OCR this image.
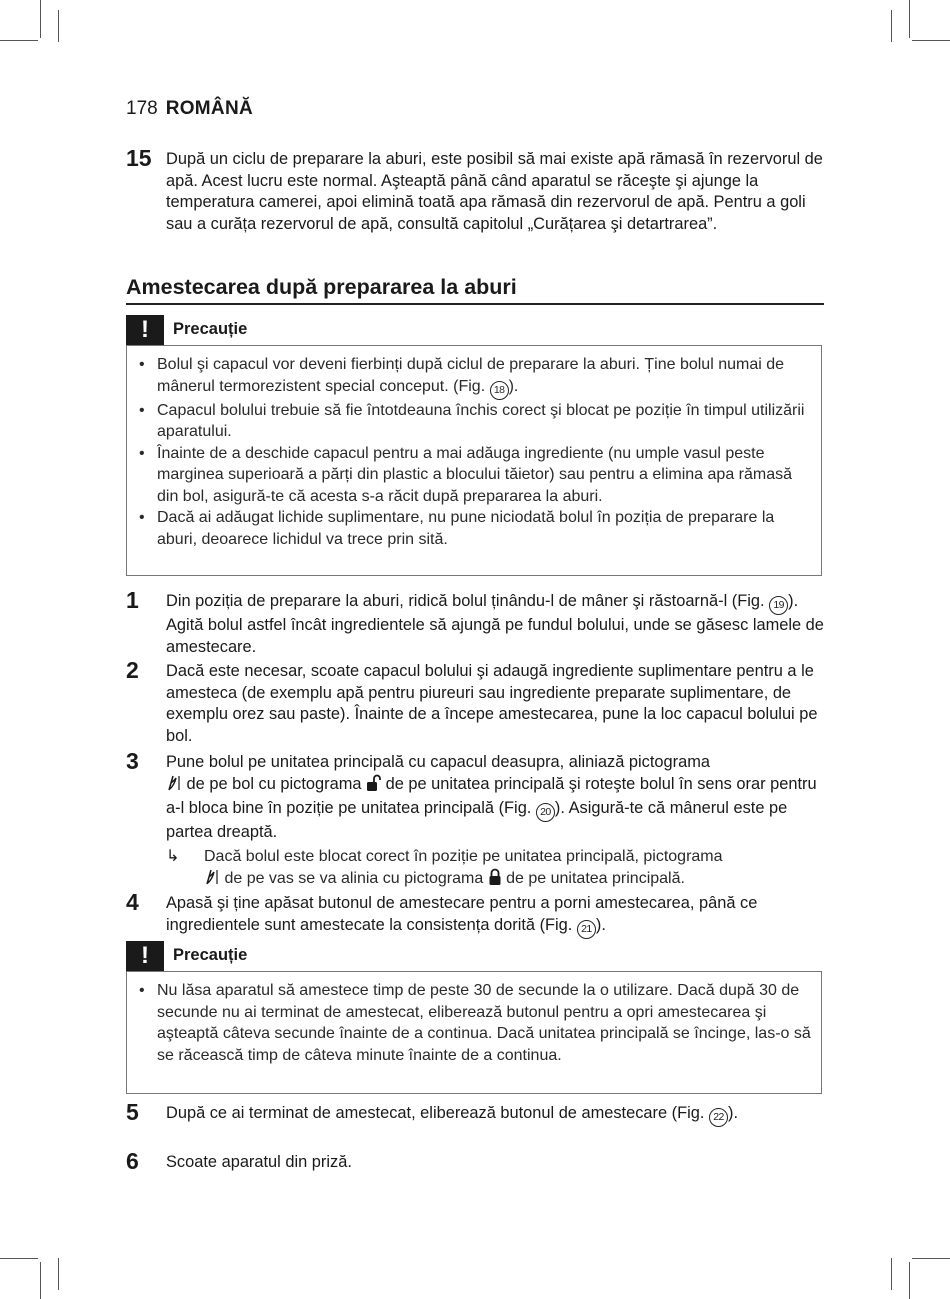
178 ROMÂNĂ
15 După un ciclu de preparare la aburi, este posibil să mai existe apă rămasă în rezervorul de apă. Acest lucru este normal. Aşteaptă până când aparatul se răceşte şi ajunge la temperatura camerei, apoi elimină toată apa rămasă din rezervorul de apă. Pentru a goli sau a curăța rezervorul de apă, consultă capitolul „Curățarea şi detartrarea”.
Amestecarea după prepararea la aburi
!	Precauție
• Bolul şi capacul vor deveni fierbinți după ciclul de preparare la aburi. Ține bolul numai de mânerul termorezistent special conceput. (Fig. 18 ).
• Capacul bolului trebuie să fie întotdeauna închis corect şi blocat pe poziție în timpul utilizării aparatului.
• Înainte de a deschide capacul pentru a mai adăuga ingrediente (nu umple vasul peste marginea superioară a părți din plastic a blocului tăietor) sau pentru a elimina apa rămasă din bol, asigură-te că acesta s-a răcit după prepararea la aburi.
• Dacă ai adăugat lichide suplimentare, nu pune niciodată bolul în poziția de preparare la aburi, deoarece lichidul va trece prin sită.
1	Din poziția de preparare la aburi, ridică bolul ținându-l de mâner şi răstoarnă-l (Fig. 19 ). Agită bolul astfel încât ingredientele să ajungă pe fundul bolului, unde se găsesc lamele de amestecare.
2	Dacă este necesar, scoate capacul bolului şi adaugă ingrediente suplimentare pentru a le amesteca (de exemplu apă pentru piureuri sau ingrediente preparate suplimentare, de exemplu orez sau paste). Înainte de a începe amestecarea, pune la loc capacul bolului pe bol.
3	Pune bolul pe unitatea principală cu capacul deasupra, aliniază pictograma
de pe bol cu pictograma  de pe unitatea principală şi roteşte bolul în sens orar pentru a-l bloca bine în poziție pe unitatea principală (Fig. 20 ). Asigură-te că mânerul este pe partea dreaptă.
↳ Dacă bolul este blocat corect în poziție pe unitatea principală, pictograma
de pe vas se va alinia cu pictograma  de pe unitatea principală.
4	Apasă şi ține apăsat butonul de amestecare pentru a porni amestecarea, până ce ingredientele sunt amestecate la consistența dorită (Fig. 21 ).
!	Precauție
• Nu lăsa aparatul să amestece timp de peste 30 de secunde la o utilizare. Dacă după 30 de secunde nu ai terminat de amestecat, eliberează butonul pentru a opri amestecarea şi aşteaptă câteva secunde înainte de a continua. Dacă unitatea principală se încinge, las-o să se răcească timp de câteva minute înainte de a continua.
5	După ce ai terminat de amestecat, eliberează butonul de amestecare (Fig. 22 ).
6	Scoate aparatul din priză.
